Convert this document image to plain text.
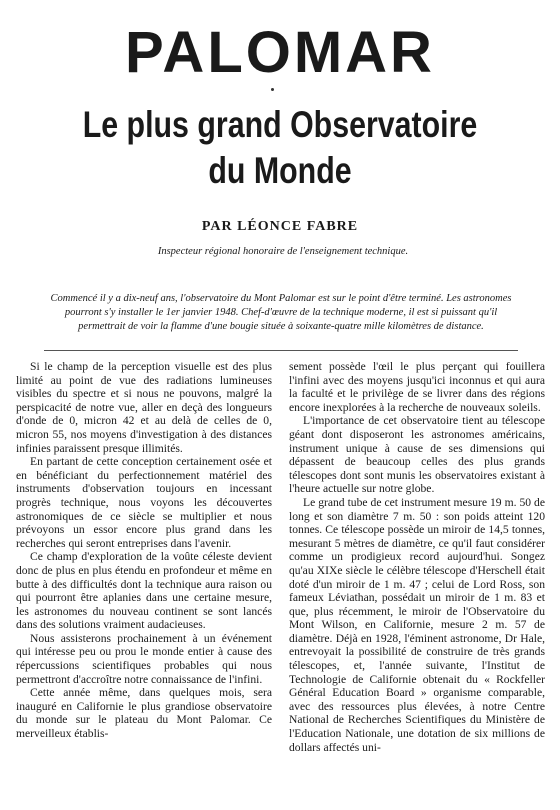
PALOMAR
Le plus grand Observatoire
du Monde
PAR LÉONCE FABRE
Inspecteur régional honoraire de l'enseignement technique.
Commencé il y a dix-neuf ans, l'observatoire du Mont Palomar est sur le point d'être terminé. Les astronomes pourront s'y installer le 1er janvier 1948. Chef-d'œuvre de la technique moderne, il est si puissant qu'il permettrait de voir la flamme d'une bougie située à soixante-quatre mille kilomètres de distance.

Si le champ de la perception visuelle est des plus limité au point de vue des radiations lumineuses visibles du spectre et si nous ne pouvons, malgré la perspicacité de notre vue, aller en deçà des longueurs d'onde de 0, micron 42 et au delà de celles de 0, micron 55, nos moyens d'investigation à des distances infinies paraissent presque illimités.

En partant de cette conception certainement osée et en bénéficiant du perfectionnement matériel des instruments d'observation toujours en incessant progrès technique, nous voyons les découvertes astronomiques de ce siècle se multiplier et nous prévoyons un essor encore plus grand dans les recherches qui seront entreprises dans l'avenir.

Ce champ d'exploration de la voûte céleste devient donc de plus en plus étendu en profondeur et même en butte à des difficultés dont la technique aura raison ou qui pourront être aplanies dans une certaine mesure, les astronomes du nouveau continent se sont lancés dans des solutions vraiment audacieuses.

Nous assisterons prochainement à un événement qui intéresse peu ou prou le monde entier à cause des répercussions scientifiques probables qui nous permettront d'accroître notre connaissance de l'infini.

Cette année même, dans quelques mois, sera inauguré en Californie le plus grandiose observatoire du monde sur le plateau du Mont Palomar. Ce merveilleux établis-

sement possède l'œil le plus perçant qui fouillera l'infini avec des moyens jusqu'ici inconnus et qui aura la faculté et le privilège de se livrer dans des régions encore inexplorées à la recherche de nouveaux soleils.

L'importance de cet observatoire tient au télescope géant dont disposeront les astronomes américains, instrument unique à cause de ses dimensions qui dépassent de beaucoup celles des plus grands télescopes dont sont munis les observatoires existant à l'heure actuelle sur notre globe.

Le grand tube de cet instrument mesure 19 m. 50 de long et son diamètre 7 m. 50 : son poids atteint 120 tonnes. Ce télescope possède un miroir de 14,5 tonnes, mesurant 5 mètres de diamètre, ce qu'il faut considérer comme un prodigieux record aujourd'hui. Songez qu'au XIXe siècle le célèbre télescope d'Herschell était doté d'un miroir de 1 m. 47 ; celui de Lord Ross, son fameux Léviathan, possédait un miroir de 1 m. 83 et que, plus récemment, le miroir de l'Observatoire du Mont Wilson, en Californie, mesure 2 m. 57 de diamètre. Déjà en 1928, l'éminent astronome, Dr Hale, entrevoyait la possibilité de construire de très grands télescopes, et, l'année suivante, l'Institut de Technologie de Californie obtenait du « Rockfeller Général Education Board » organisme comparable, avec des ressources plus élevées, à notre Centre National de Recherches Scientifiques du Ministère de l'Education Nationale, une dotation de six millions de dollars affectés uni-
